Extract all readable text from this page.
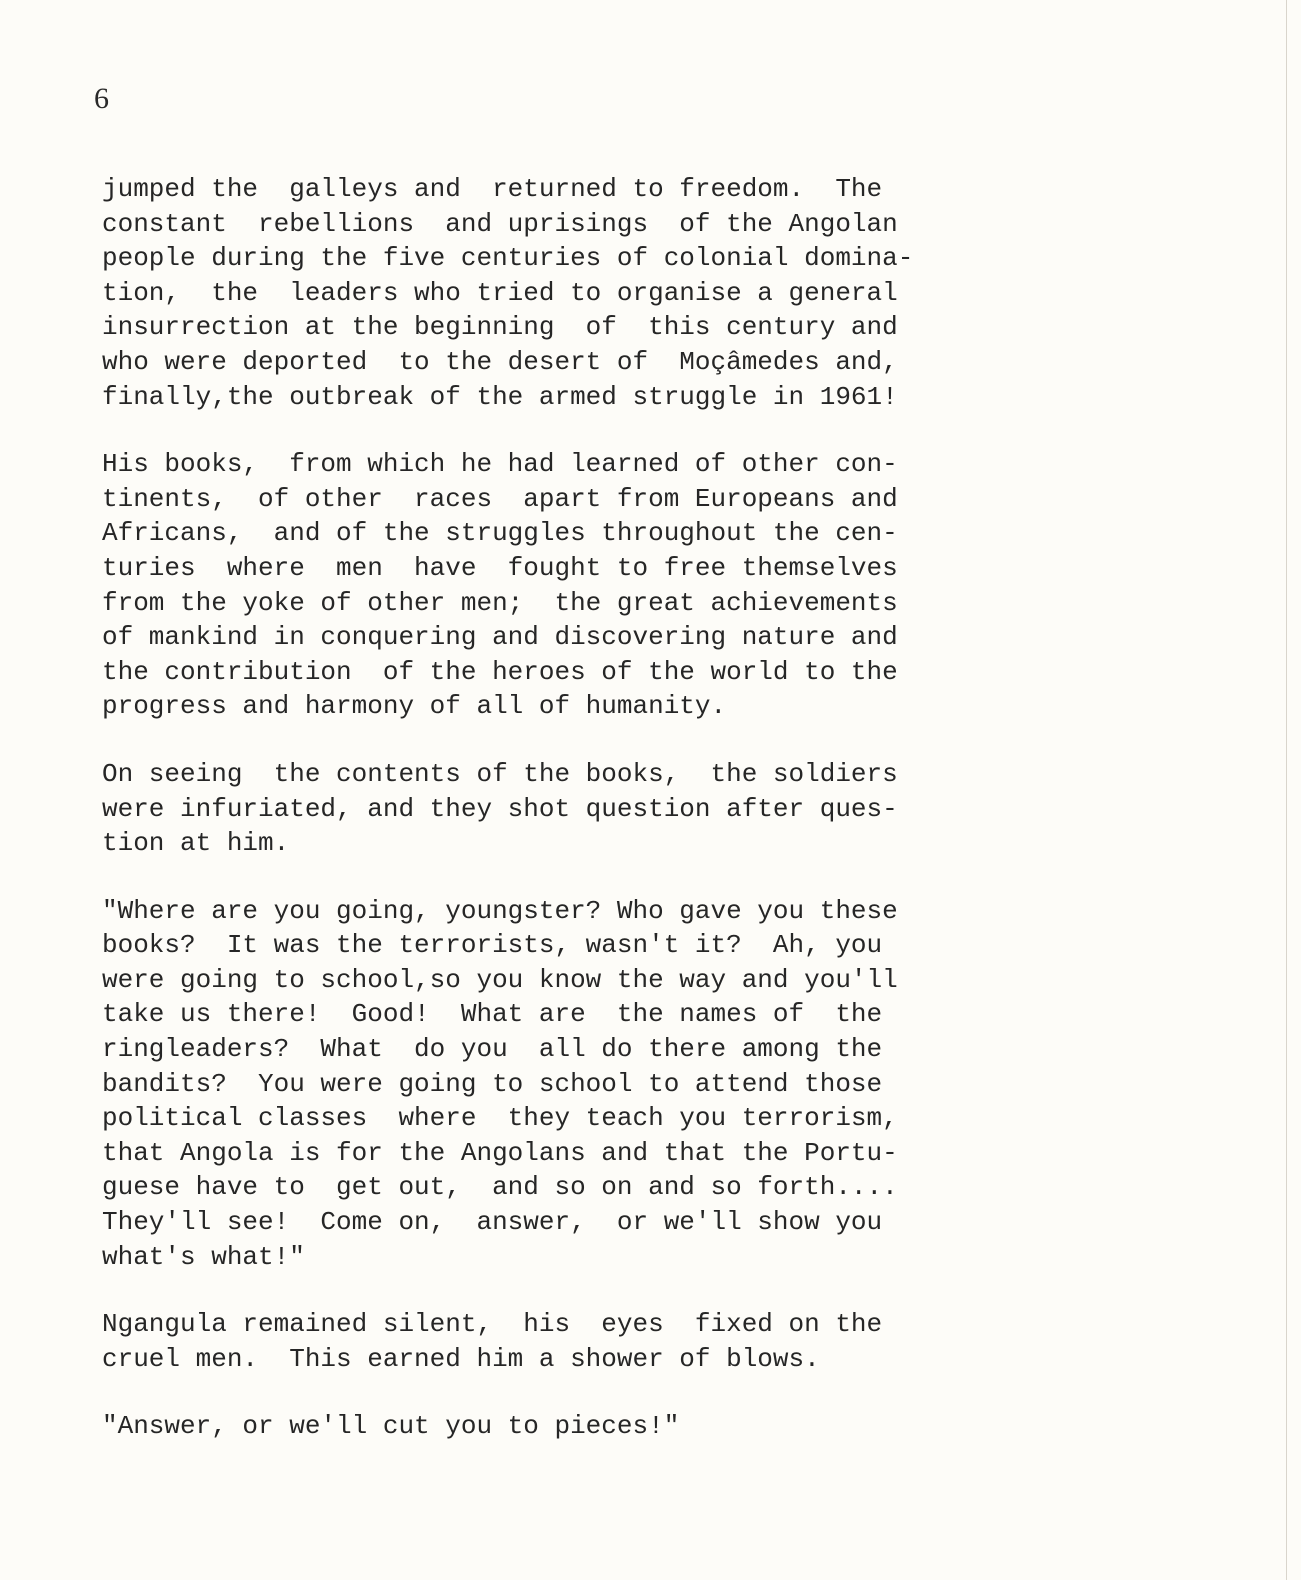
6

jumped the  galleys and  returned to freedom.  The
constant  rebellions  and uprisings  of the Angolan
people during the five centuries of colonial domina-
tion,  the  leaders who tried to organise a general
insurrection at the beginning  of  this century and
who were deported  to the desert of  Moçâmedes and,
finally,the outbreak of the armed struggle in 1961!

His books,  from which he had learned of other con-
tinents,  of other  races  apart from Europeans and
Africans,  and of the struggles throughout the cen-
turies  where  men  have  fought to free themselves
from the yoke of other men;  the great achievements
of mankind in conquering and discovering nature and
the contribution  of the heroes of the world to the
progress and harmony of all of humanity.

On seeing  the contents of the books,  the soldiers
were infuriated, and they shot question after ques-
tion at him.

"Where are you going, youngster? Who gave you these
books?  It was the terrorists, wasn't it?  Ah, you
were going to school,so you know the way and you'll
take us there!  Good!  What are  the names of  the
ringleaders?  What  do you  all do there among the
bandits?  You were going to school to attend those
political classes  where  they teach you terrorism,
that Angola is for the Angolans and that the Portu-
guese have to  get out,  and so on and so forth....
They'll see!  Come on,  answer,  or we'll show you
what's what!"

Ngangula remained silent,  his  eyes  fixed on the
cruel men.  This earned him a shower of blows.

"Answer, or we'll cut you to pieces!"
